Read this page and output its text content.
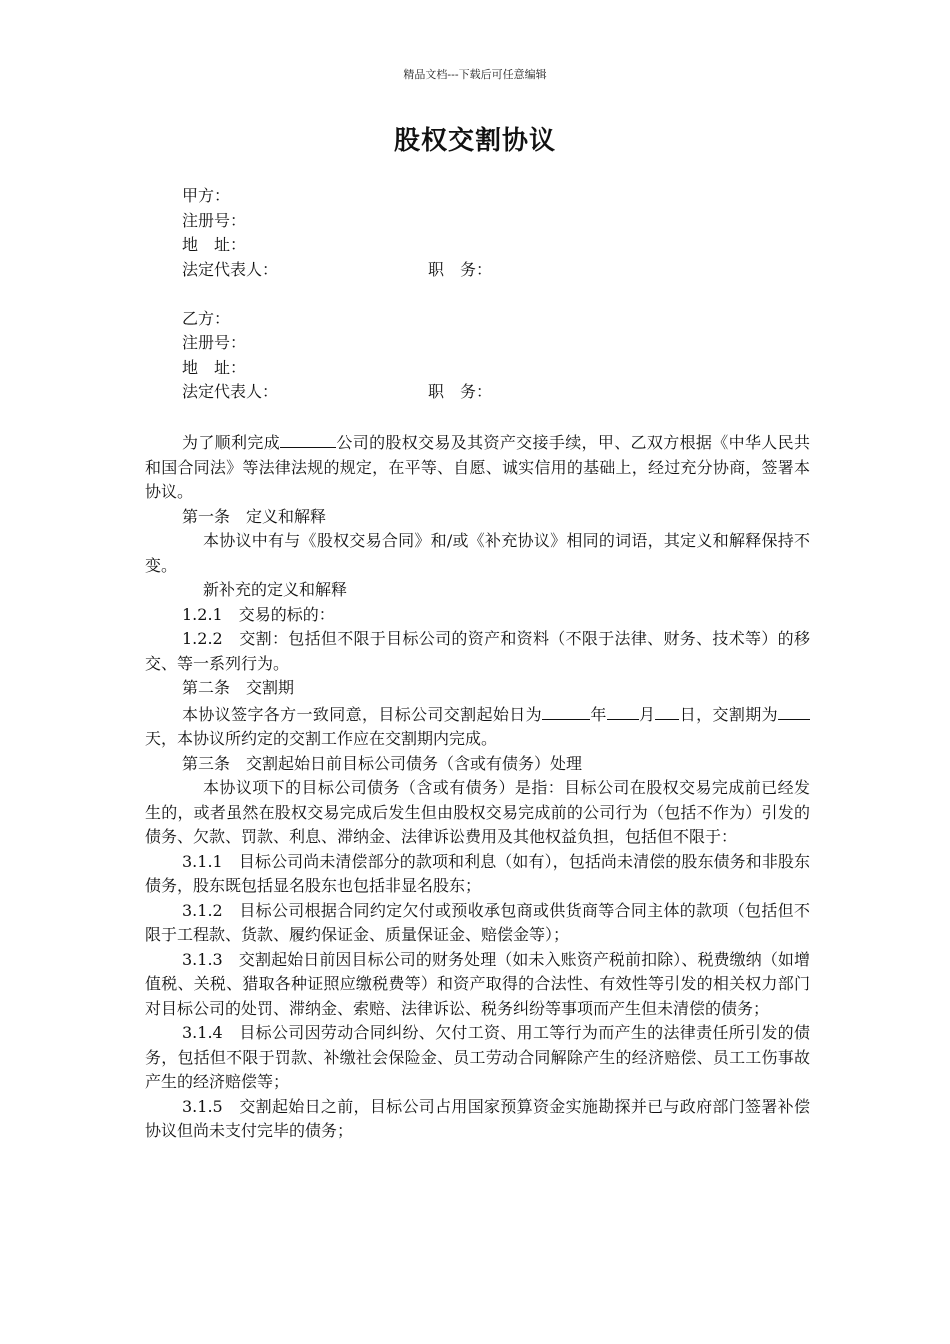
精品文档---下载后可任意编辑
股权交割协议
甲方：
注册号：
地　址：
法定代表人：	职　务：
乙方：
注册号：
地　址：
法定代表人：	职　务：

为了顺利完成	公司的股权交易及其资产交接手续，甲、乙双方根据《中华人民共和国合同法》等法律法规的规定，在平等、自愿、诚实信用的基础上，经过充分协商，签署本协议。

第一条　定义和解释

本协议中有与《股权交易合同》和/或《补充协议》相同的词语，其定义和解释保持不变。

新补充的定义和解释
1.2.1　交易的标的：

1.2.2　交割：包括但不限于目标公司的资产和资料（不限于法律、财务、技术等）的移交、等一系列行为。

第二条　交割期

本协议签字各方一致同意，目标公司交割起始日为	年 月 日，交割期为天，本协议所约定的交割工作应在交割期内完成。

第三条　交割起始日前目标公司债务（含或有债务）处理

本协议项下的目标公司债务（含或有债务）是指：目标公司在股权交易完成前已经发生的，或者虽然在股权交易完成后发生但由股权交易完成前的公司行为（包括不作为）引发的债务、欠款、罚款、利息、滞纳金、法律诉讼费用及其他权益负担，包括但不限于：

3.1.1　目标公司尚未清偿部分的款项和利息（如有），包括尚未清偿的股东债务和非股东债务，股东既包括显名股东也包括非显名股东；

3.1.2　目标公司根据合同约定欠付或预收承包商或供货商等合同主体的款项（包括但不限于工程款、货款、履约保证金、质量保证金、赔偿金等）；

3.1.3　交割起始日前因目标公司的财务处理（如未入账资产税前扣除）、税费缴纳（如增值税、关税、猎取各种证照应缴税费等）和资产取得的合法性、有效性等引发的相关权力部门对目标公司的处罚、滞纳金、索赔、法律诉讼、税务纠纷等事项而产生但未清偿的债务；

3.1.4　目标公司因劳动合同纠纷、欠付工资、用工等行为而产生的法律责任所引发的债务，包括但不限于罚款、补缴社会保险金、员工劳动合同解除产生的经济赔偿、员工工伤事故产生的经济赔偿等；

3.1.5　交割起始日之前，目标公司占用国家预算资金实施勘探并已与政府部门签署补偿协议但尚未支付完毕的债务；
